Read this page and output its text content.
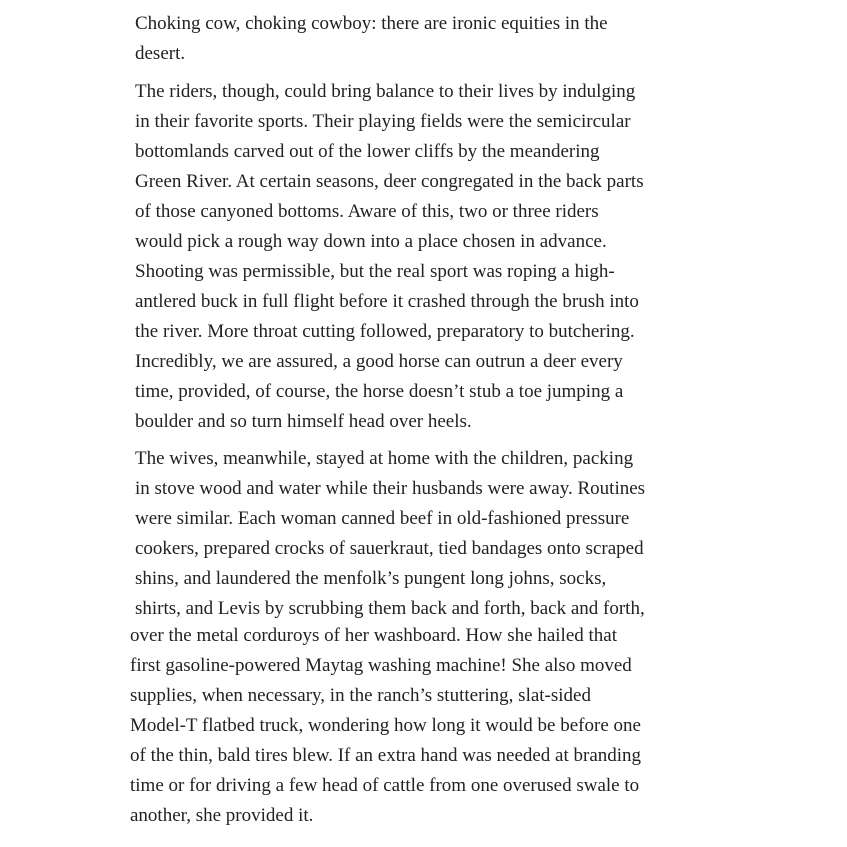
Choking cow, choking cowboy: there are ironic equities in the
desert.
The riders, though, could bring balance to their lives by indulging
in their favorite sports. Their playing fields were the semicircular
bottomlands carved out of the lower cliffs by the meandering
Green River. At certain seasons, deer congregated in the back parts
of those canyoned bottoms. Aware of this, two or three riders
would pick a rough way down into a place chosen in advance.
Shooting was permissible, but the real sport was roping a high-
antlered buck in full flight before it crashed through the brush into
the river. More throat cutting followed, preparatory to butchering.
Incredibly, we are assured, a good horse can outrun a deer every
time, provided, of course, the horse doesn’t stub a toe jumping a
boulder and so turn himself head over heels.
The wives, meanwhile, stayed at home with the children, packing
in stove wood and water while their husbands were away. Routines
were similar. Each woman canned beef in old-fashioned pressure
cookers, prepared crocks of sauerkraut, tied bandages onto scraped
shins, and laundered the menfolk’s pungent long johns, socks,
shirts, and Levis by scrubbing them back and forth, back and forth,
over the metal corduroys of her washboard. How she hailed that
first gasoline-powered Maytag washing machine! She also moved
supplies, when necessary, in the ranch’s stuttering, slat-sided
Model-T flatbed truck, wondering how long it would be before one
of the thin, bald tires blew. If an extra hand was needed at branding
time or for driving a few head of cattle from one overused swale to
another, she provided it.
